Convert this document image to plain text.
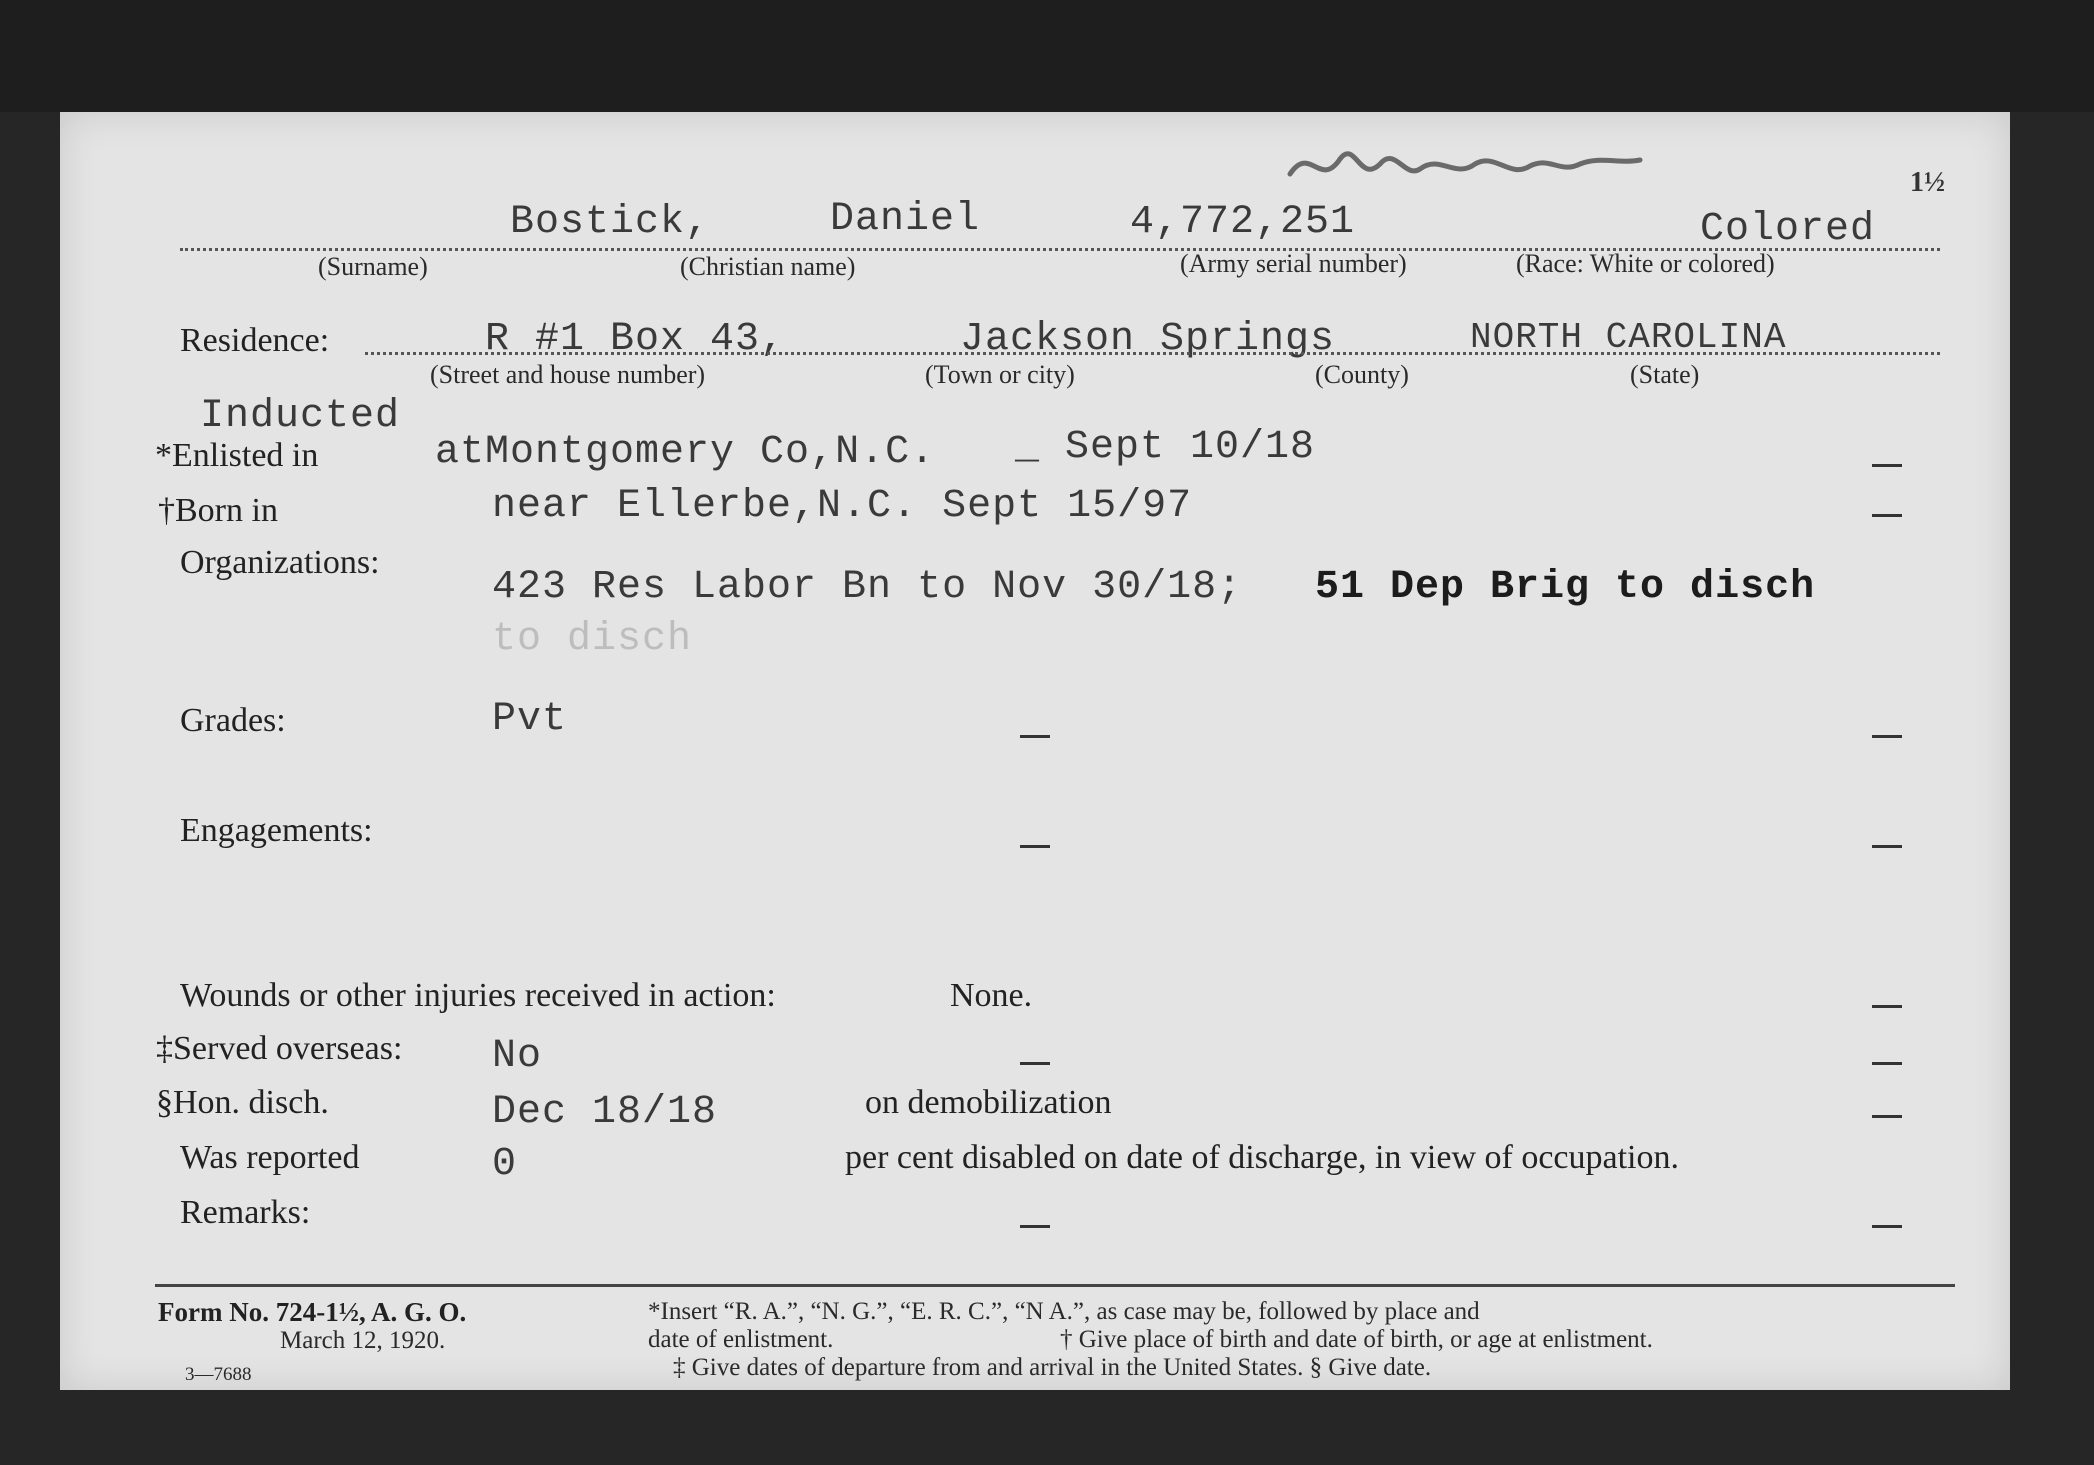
1½
Bostick,	Daniel	4,772,251	Colored
(Surname)	(Christian name)	(Army serial number)	(Race: White or colored)
Residence:	R #1 Box 43,	Jackson Springs	NORTH CAROLINA
(Street and house number)	(Town or city)	(County)	(State)
Inducted
*Enlisted in	atMontgomery Co,N.C. _ Sept 10/18
†Born in	near Ellerbe,N.C. Sept 15/97
Organizations:
423 Res Labor Bn to Nov 30/18; 51 Dep Brig to disch
to disch
Grades:	Pvt
Engagements:
Wounds or other injuries received in action:	None.
‡Served overseas: No
§Hon. disch.	Dec 18/18	on demobilization
Was reported	0	per cent disabled on date of discharge, in view of occupation.
Remarks:
Form No. 724-1½, A. G. O.
March 12, 1920.
3—7688
*Insert “R. A.”, “N. G.”, “E. R. C.”, “N A.”, as case may be, followed by place and
date of enlistment.	† Give place of birth and date of birth, or age at enlistment.
‡ Give dates of departure from and arrival in the United States. § Give date.
